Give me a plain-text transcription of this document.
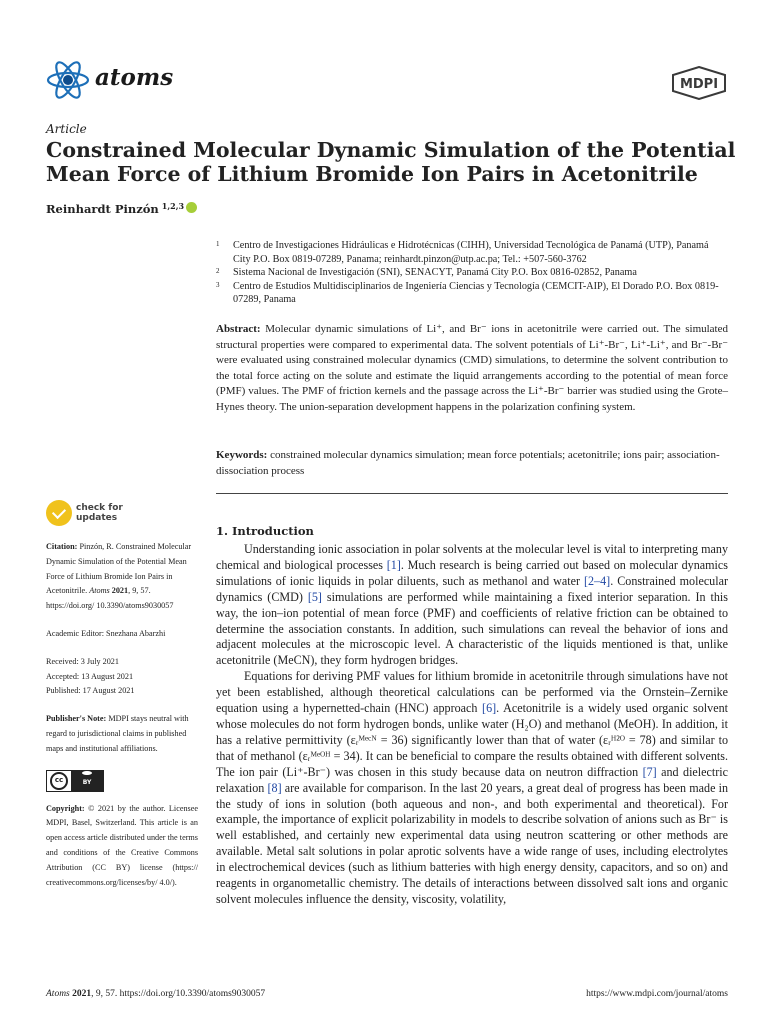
atoms	MDPI
Article
Constrained Molecular Dynamic Simulation of the Potential Mean Force of Lithium Bromide Ion Pairs in Acetonitrile
Reinhardt Pinzón $^{1,2,3}$
1	Centro de Investigaciones Hidráulicas e Hidrotécnicas (CIHH), Universidad Tecnológica de Panamá (UTP), Panamá City P.O. Box 0819-07289, Panama; reinhardt.pinzon@utp.ac.pa; Tel.: +507-560-3762
2	Sistema Nacional de Investigación (SNI), SENACYT, Panamá City P.O. Box 0816-02852, Panama
3	Centro de Estudios Multidisciplinarios de Ingeniería Ciencias y Tecnología (CEMCIT-AIP), El Dorado P.O. Box 0819-07289, Panama
Abstract: Molecular dynamic simulations of Li⁺, and Br⁻ ions in acetonitrile were carried out. The simulated structural properties were compared to experimental data. The solvent potentials of Li⁺-Br⁻, Li⁺-Li⁺, and Br⁻-Br⁻ were evaluated using constrained molecular dynamics (CMD) simulations, to determine the solvent contribution to the total force acting on the solute and estimate the liquid arrangements according to the potential of mean force (PMF) values. The PMF of friction kernels and the passage across the Li⁺-Br⁻ barrier was studied using the Grote–Hynes theory. The union-separation development happens in the polarization confining system.
Keywords: constrained molecular dynamics simulation; mean force potentials; acetonitrile; ions pair; association-dissociation process
check for
updates
Citation: Pinzón, R. Constrained Molecular Dynamic Simulation of the Potential Mean Force of Lithium Bromide Ion Pairs in Acetonitrile. Atoms 2021, 9, 57. https://doi.org/ 10.3390/atoms9030057
Academic Editor: Snezhana Abarzhi
Received: 3 July 2021
Accepted: 13 August 2021
Published: 17 August 2021
Publisher's Note: MDPI stays neutral with regard to jurisdictional claims in published maps and institutional affiliations.
cc	BY
Copyright: © 2021 by the author. Licensee MDPI, Basel, Switzerland. This article is an open access article distributed under the terms and conditions of the Creative Commons Attribution (CC BY) license (https:// creativecommons.org/licenses/by/ 4.0/).
1. Introduction

Understanding ionic association in polar solvents at the molecular level is vital to interpreting many chemical and biological processes [1]. Much research is being carried out based on molecular dynamics simulations of ionic liquids in polar diluents, such as methanol and water [2–4]. Constrained molecular dynamics (CMD) [5] simulations are performed while maintaining a fixed interior separation. In this way, the ion–ion potential of mean force (PMF) and coefficients of relative friction can be obtained to determine the association constants. In addition, such simulations can reveal the behavior of ions and adjacent molecules at the microscopic level. A characteristic of the liquids mentioned is that, unlike acetonitrile (MeCN), they form hydrogen bridges.

Equations for deriving PMF values for lithium bromide in acetonitrile through simulations have not yet been established, although theoretical calculations can be performed via the Ornstein–Zernike equation using a hypernetted-chain (HNC) approach [6]. Acetonitrile is a widely used organic solvent whose molecules do not form hydrogen bonds, unlike water (H₂O) and methanol (MeOH). In addition, it has a relative permittivity (εᵣᴹᵉᶜᴺ = 36) significantly lower than that of water (εᵣᴴ²ᴼ = 78) and similar to that of methanol (εᵣᴹᵉᴼᴴ = 34). It can be beneficial to compare the results obtained with different solvents. The ion pair (Li⁺-Br⁻) was chosen in this study because data on neutron diffraction [7] and dielectric relaxation [8] are available for comparison. In the last 20 years, a great deal of progress has been made in the study of ions in solution (both aqueous and non-, and both experimental and theoretical). For example, the importance of explicit polarizability in models to describe solvation of anions such as Br⁻ is well established, and certainly new experimental data using neutron scattering or other methods are available. Metal salt solutions in polar aprotic solvents have a wide range of uses, including electrolytes in electrochemical devices (such as lithium batteries with high energy density, capacitors, and so on) and reagents in organometallic chemistry. The details of interactions between dissolved salt ions and organic solvent molecules influence the density, viscosity, volatility,

Atoms 2021, 9, 57. https://doi.org/10.3390/atoms9030057	https://www.mdpi.com/journal/atoms
